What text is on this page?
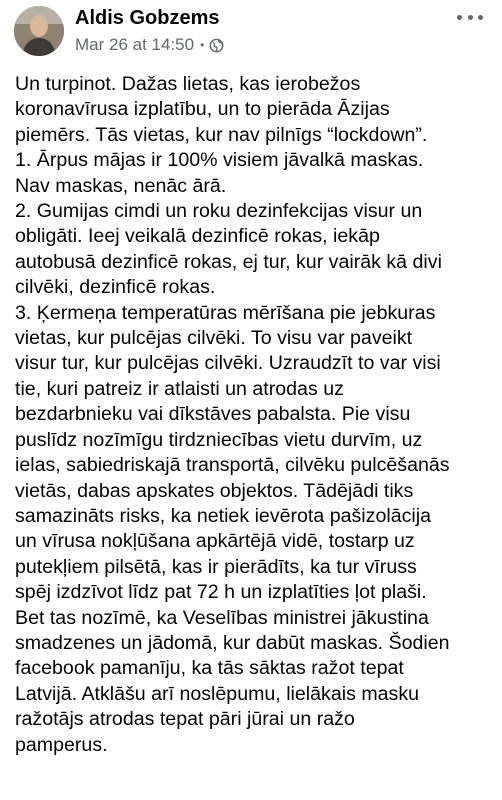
Aldis Gobzems
Mar 26 at 14:50 •
Un turpinot. Dažas lietas, kas ierobežos
koronavīrusa izplatību, un to pierāda Āzijas
piemērs. Tās vietas, kur nav pilnīgs “lockdown”.
1. Ārpus mājas ir 100% visiem jāvalkā maskas.
Nav maskas, nenāc ārā.
2. Gumijas cimdi un roku dezinfekcijas visur un
obligāti. Ieej veikalā dezinficē rokas, iekāp
autobusā dezinficē rokas, ej tur, kur vairāk kā divi
cilvēki, dezinficē rokas.
3. Ķermeņa temperatūras mērīšana pie jebkuras
vietas, kur pulcējas cilvēki. To visu var paveikt
visur tur, kur pulcējas cilvēki. Uzraudzīt to var visi
tie, kuri patreiz ir atlaisti un atrodas uz
bezdarbnieku vai dīkstāves pabalsta. Pie visu
puslīdz nozīmīgu tirdzniecības vietu durvīm, uz
ielas, sabiedriskajā transportā, cilvēku pulcēšanās
vietās, dabas apskates objektos. Tādējādi tiks
samazināts risks, ka netiek ievērota pašizolācija
un vīrusa nokļūšana apkārtējā vidē, tostarp uz
putekļiem pilsētā, kas ir pierādīts, ka tur vīruss
spēj izdzīvot līdz pat 72 h un izplatīties ļot plaši.
Bet tas nozīmē, ka Veselības ministrei jākustina
smadzenes un jādomā, kur dabūt maskas. Šodien
facebook pamanīju, ka tās sāktas ražot tepat
Latvijā. Atklāšu arī noslēpumu, lielākais masku
ražotājs atrodas tepat pāri jūrai un ražo
pamperus.
